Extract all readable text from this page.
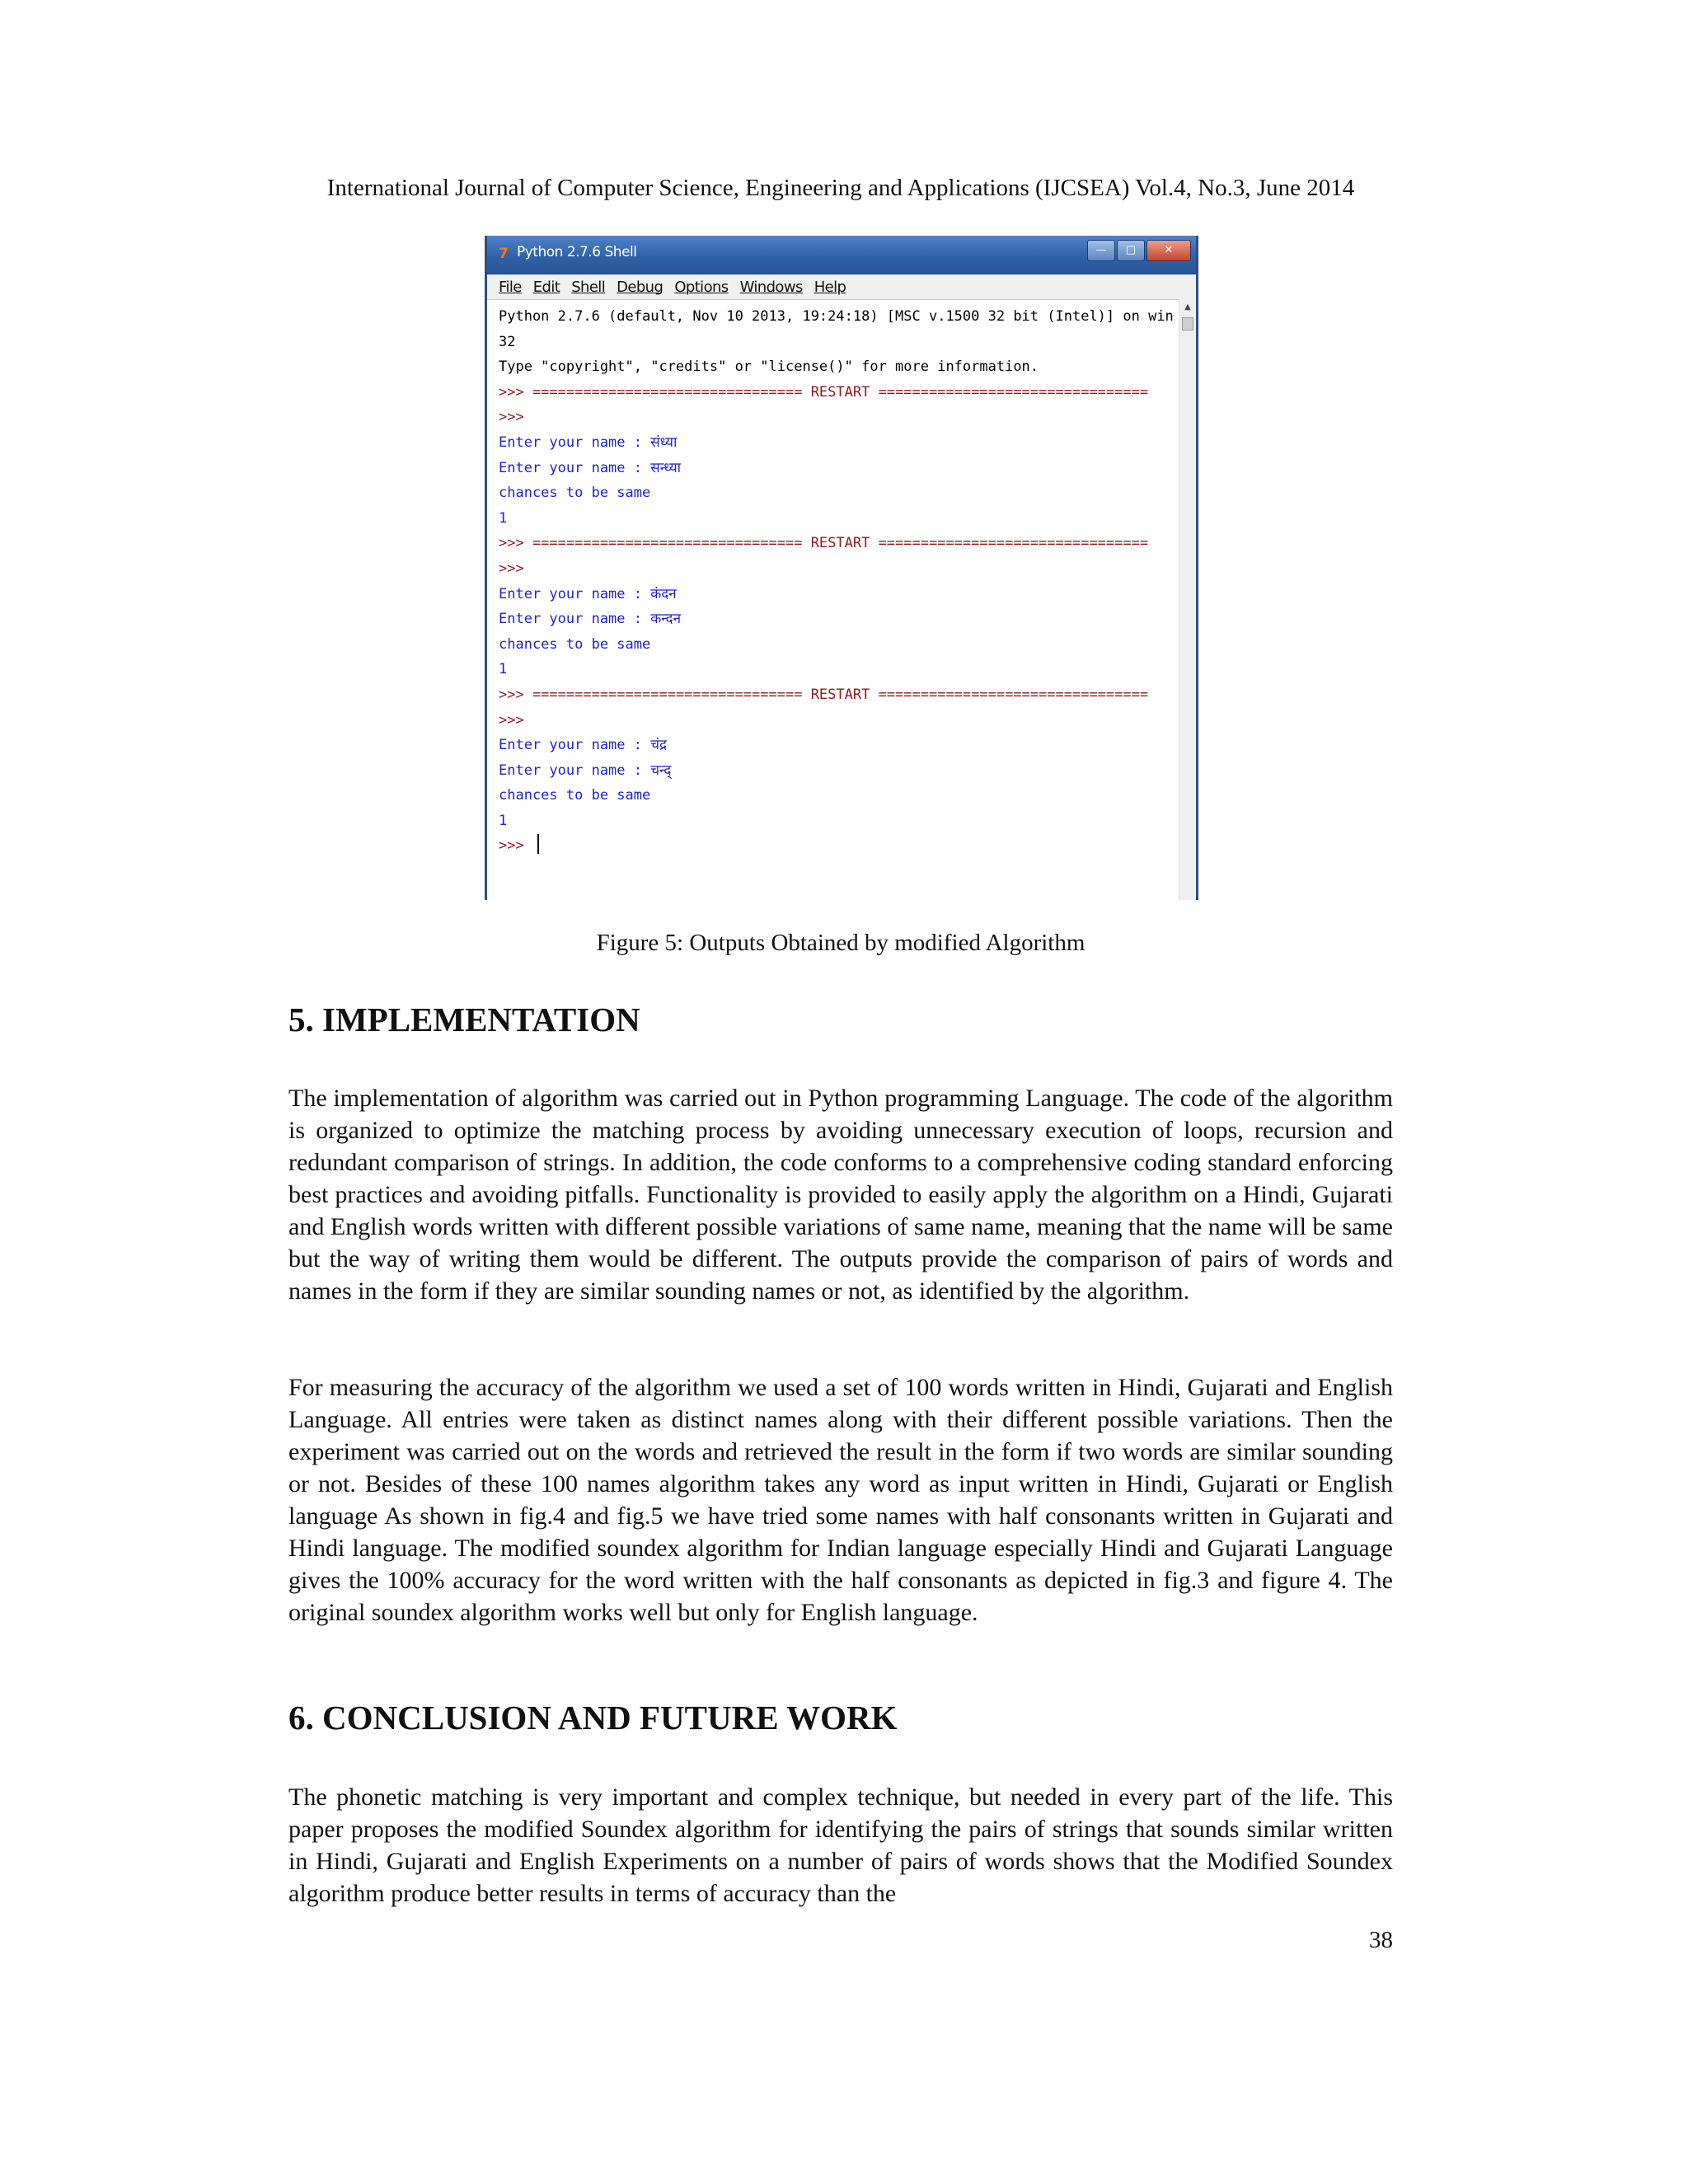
International Journal of Computer Science, Engineering and Applications (IJCSEA) Vol.4, No.3, June 2014
7 Python 2.7.6 Shell	—	□	✕
File Edit Shell Debug Options Windows Help
Python 2.7.6 (default, Nov 10 2013, 19:24:18) [MSC v.1500 32 bit (Intel)] on win
32
Type "copyright", "credits" or "license()" for more information.
>>> ================================ RESTART ================================
>>>
Enter your name : संध्या
Enter your name : सन्ध्या
chances to be same
1
>>> ================================ RESTART ================================
>>>
Enter your name : कंदन
Enter your name : कन्दन
chances to be same
1
>>> ================================ RESTART ================================
>>>
Enter your name : चंद्र
Enter your name : चन्द्
chances to be same
1
>>>
▲
Figure 5: Outputs Obtained by modified Algorithm
5. IMPLEMENTATION

The implementation of algorithm was carried out in Python programming Language. The code of the algorithm is organized to optimize the matching process by avoiding unnecessary execution of loops, recursion and redundant comparison of strings. In addition, the code conforms to a comprehensive coding standard enforcing best practices and avoiding pitfalls. Functionality is provided to easily apply the algorithm on a Hindi, Gujarati and English words written with different possible variations of same name, meaning that the name will be same but the way of writing them would be different. The outputs provide the comparison of pairs of words and names in the form if they are similar sounding names or not, as identified by the algorithm.

For measuring the accuracy of the algorithm we used a set of 100 words written in Hindi, Gujarati and English Language. All entries were taken as distinct names along with their different possible variations. Then the experiment was carried out on the words and retrieved the result in the form if two words are similar sounding or not. Besides of these 100 names algorithm takes any word as input written in Hindi, Gujarati or English language As shown in fig.4 and fig.5 we have tried some names with half consonants written in Gujarati and Hindi language. The modified soundex algorithm for Indian language especially Hindi and Gujarati Language gives the 100% accuracy for the word written with the half consonants as depicted in fig.3 and figure 4. The original soundex algorithm works well but only for English language.

6. CONCLUSION AND FUTURE WORK

The phonetic matching is very important and complex technique, but needed in every part of the life. This paper proposes the modified Soundex algorithm for identifying the pairs of strings that sounds similar written in Hindi, Gujarati and English Experiments on a number of pairs of words shows that the Modified Soundex algorithm produce better results in terms of accuracy than the

38
